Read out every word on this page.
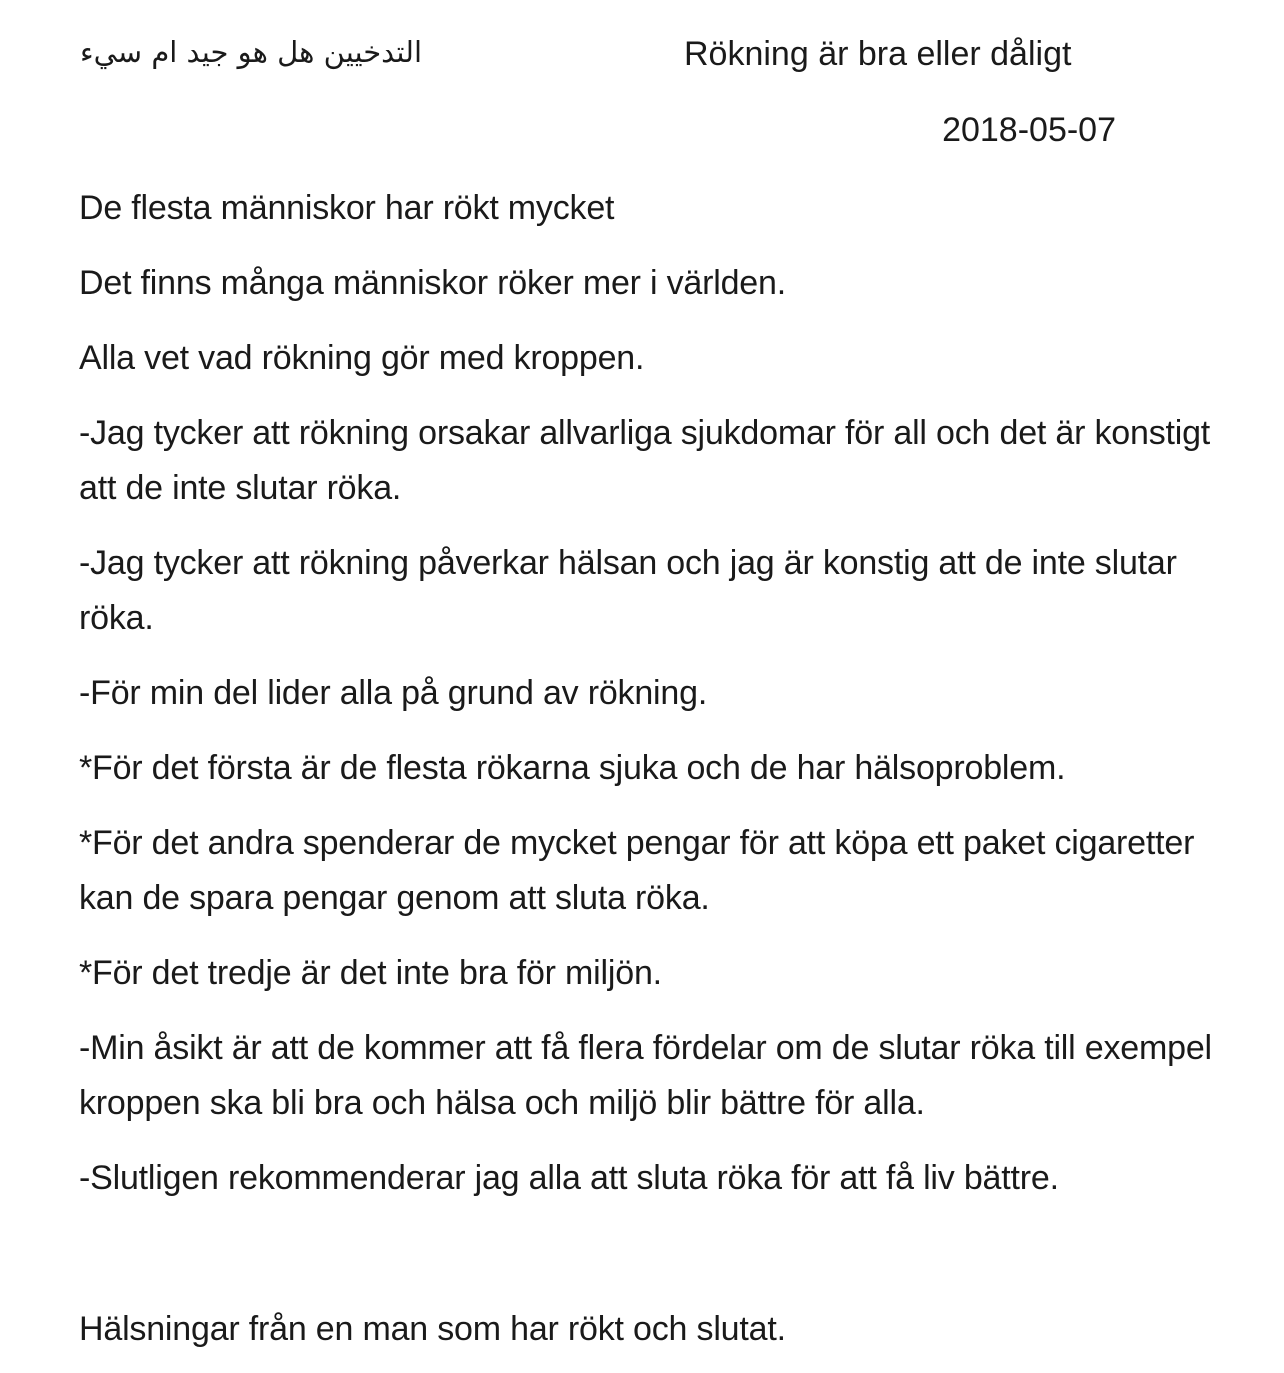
التدخيين هل هو جيد ام سيء	Rökning är bra eller dåligt
2018-05-07

De flesta människor har rökt mycket

Det finns många människor röker mer i världen.

Alla vet vad rökning gör med kroppen.

-Jag tycker att rökning orsakar allvarliga sjukdomar för all och det är konstigt att de inte slutar röka.

-Jag tycker att rökning påverkar hälsan och jag är konstig att de inte slutar röka.

-För min del lider alla på grund av rökning.

*För det första är de flesta rökarna sjuka och de har hälsoproblem.

*För det andra spenderar de mycket pengar för att köpa ett paket cigaretter kan de spara pengar genom att sluta röka.

*För det tredje är det inte bra för miljön.

-Min åsikt är att de kommer att få flera fördelar om de slutar röka till exempel kroppen ska bli bra och hälsa och miljö blir bättre för alla.

-Slutligen rekommenderar jag alla att sluta röka för att få liv bättre.

Hälsningar från en man som har rökt och slutat.
